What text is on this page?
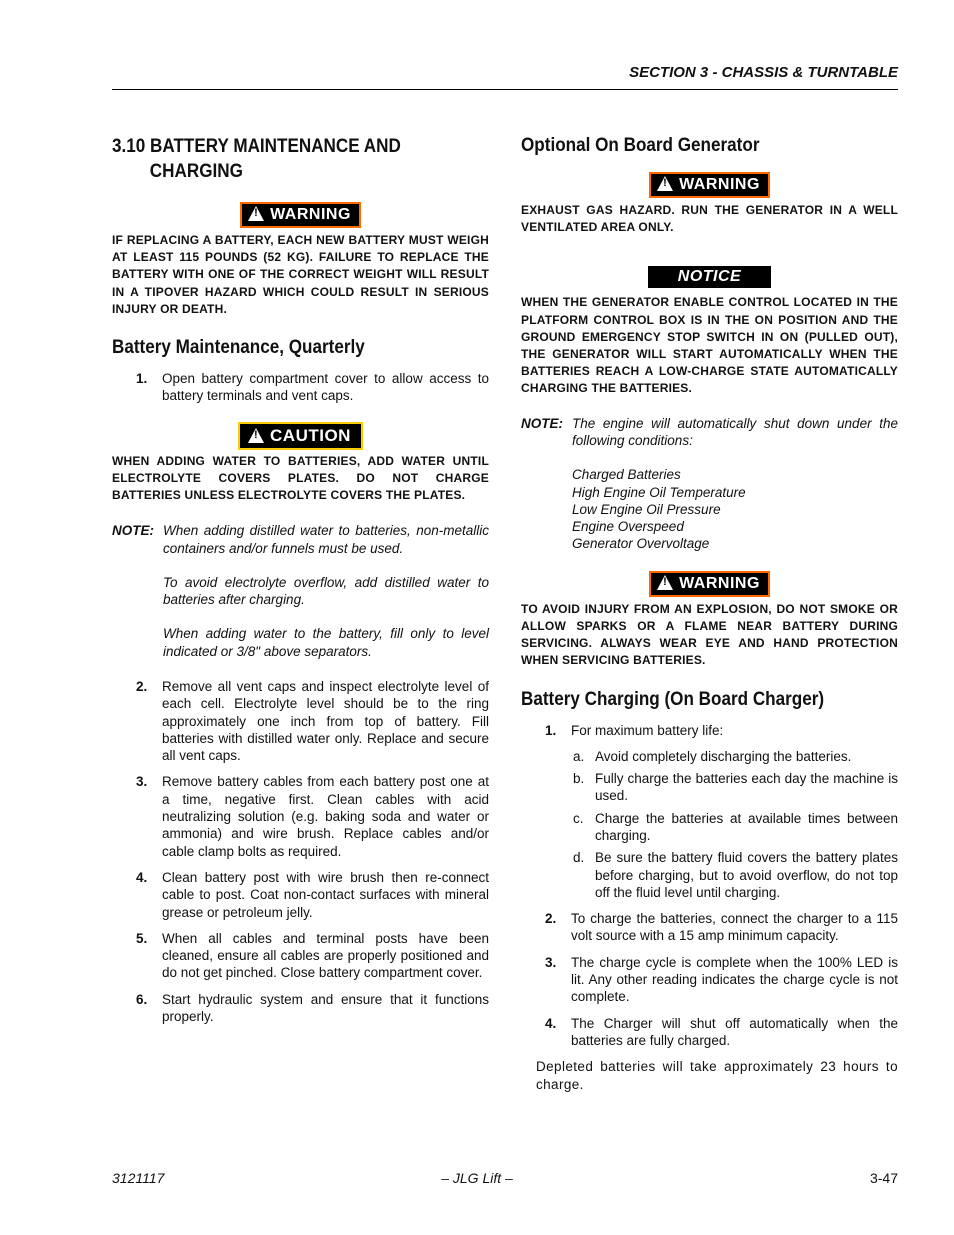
SECTION 3 - CHASSIS & TURNTABLE
3.10 BATTERY MAINTENANCE AND
CHARGING
!WARNING

IF REPLACING A BATTERY, EACH NEW BATTERY MUST WEIGH AT LEAST 115 POUNDS (52 KG). FAILURE TO REPLACE THE BATTERY WITH ONE OF THE CORRECT WEIGHT WILL RESULT IN A TIPOVER HAZARD WHICH COULD RESULT IN SERIOUS INJURY OR DEATH.

Battery Maintenance, Quarterly
1. Open battery compartment cover to allow access to battery terminals and vent caps.
!CAUTION

WHEN ADDING WATER TO BATTERIES, ADD WATER UNTIL ELECTROLYTE COVERS PLATES. DO NOT CHARGE BATTERIES UNLESS ELECTROLYTE COVERS THE PLATES.

NOTE: When adding distilled water to batteries, non-metallic containers and/or funnels must be used.

To avoid electrolyte overflow, add distilled water to batteries after charging.

When adding water to the battery, fill only to level indicated or 3/8" above separators.

2. Remove all vent caps and inspect electrolyte level of each cell. Electrolyte level should be to the ring approximately one inch from top of battery. Fill batteries with distilled water only. Replace and secure all vent caps.
3. Remove battery cables from each battery post one at a time, negative first. Clean cables with acid neutralizing solution (e.g. baking soda and water or ammonia) and wire brush. Replace cables and/or cable clamp bolts as required.
4. Clean battery post with wire brush then re-connect cable to post. Coat non-contact surfaces with mineral grease or petroleum jelly.
5. When all cables and terminal posts have been cleaned, ensure all cables are properly positioned and do not get pinched. Close battery compartment cover.
6. Start hydraulic system and ensure that it functions properly.
Optional On Board Generator
!WARNING

EXHAUST GAS HAZARD. RUN THE GENERATOR IN A WELL VENTILATED AREA ONLY.

NOTICE

WHEN THE GENERATOR ENABLE CONTROL LOCATED IN THE PLATFORM CONTROL BOX IS IN THE ON POSITION AND THE GROUND EMERGENCY STOP SWITCH IN ON (PULLED OUT), THE GENERATOR WILL START AUTOMATICALLY WHEN THE BATTERIES REACH A LOW-CHARGE STATE AUTOMATICALLY CHARGING THE BATTERIES.

NOTE: The engine will automatically shut down under the following conditions:

Charged Batteries
High Engine Oil Temperature
Low Engine Oil Pressure
Engine Overspeed
Generator Overvoltage
!WARNING

TO AVOID INJURY FROM AN EXPLOSION, DO NOT SMOKE OR ALLOW SPARKS OR A FLAME NEAR BATTERY DURING SERVICING. ALWAYS WEAR EYE AND HAND PROTECTION WHEN SERVICING BATTERIES.

Battery Charging (On Board Charger)
1. For maximum battery life:
a. Avoid completely discharging the batteries.
b. Fully charge the batteries each day the machine is used.
c. Charge the batteries at available times between charging.
d. Be sure the battery fluid covers the battery plates before charging, but to avoid overflow, do not top off the fluid level until charging.
2. To charge the batteries, connect the charger to a 115 volt source with a 15 amp minimum capacity.
3. The charge cycle is complete when the 100% LED is lit. Any other reading indicates the charge cycle is not complete.
4. The Charger will shut off automatically when the batteries are fully charged.

Depleted batteries will take approximately 23 hours to charge.

3121117	– JLG Lift –	3-47
